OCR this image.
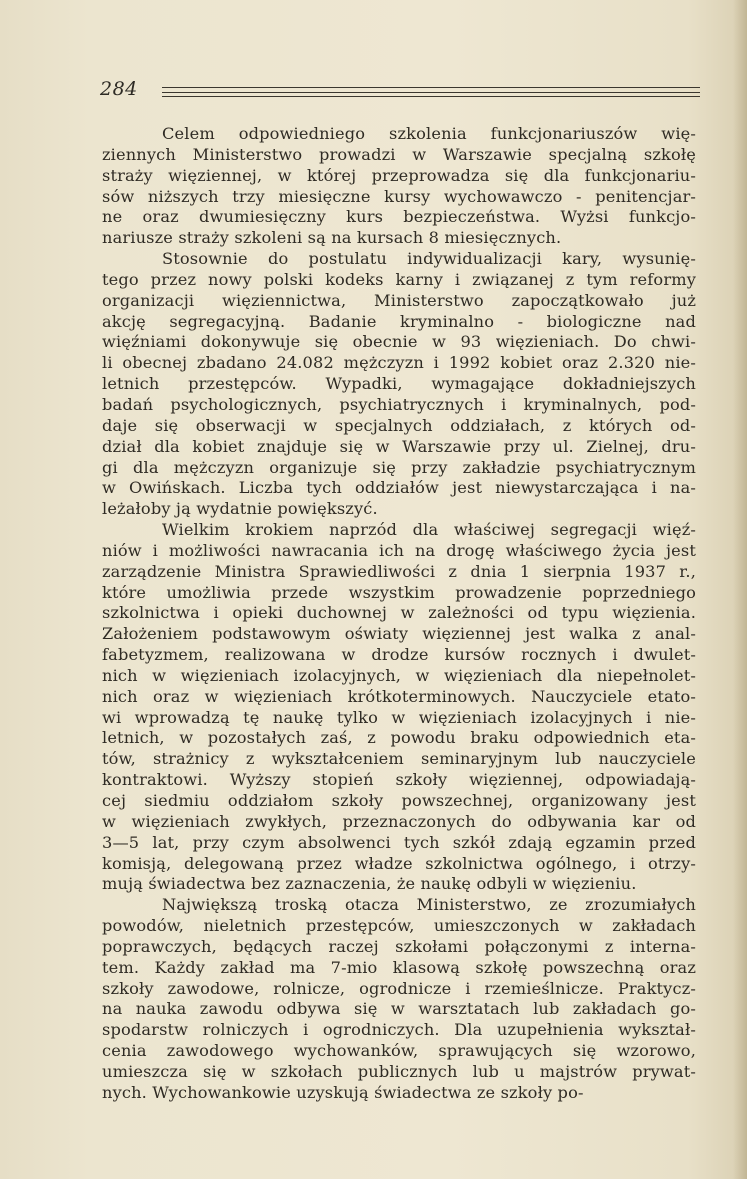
284
Celem odpowiedniego szkolenia funkcjonariuszów wię-
ziennych Ministerstwo prowadzi w Warszawie specjalną szkołę
straży więziennej, w której przeprowadza się dla funkcjonariu-
sów niższych trzy miesięczne kursy wychowawczo - penitencjar-
ne oraz dwumiesięczny kurs bezpieczeństwa. Wyżsi funkcjo-
nariusze straży szkoleni są na kursach 8 miesięcznych.
Stosownie do postulatu indywidualizacji kary, wysunię-
tego przez nowy polski kodeks karny i związanej z tym reformy
organizacji więziennictwa, Ministerstwo zapoczątkowało już
akcję segregacyjną. Badanie kryminalno - biologiczne nad
więźniami dokonywuje się obecnie w 93 więzieniach. Do chwi-
li obecnej zbadano 24.082 mężczyzn i 1992 kobiet oraz 2.320 nie-
letnich przestępców. Wypadki, wymagające dokładniejszych
badań psychologicznych, psychiatrycznych i kryminalnych, pod-
daje się obserwacji w specjalnych oddziałach, z których od-
dział dla kobiet znajduje się w Warszawie przy ul. Zielnej, dru-
gi dla mężczyzn organizuje się przy zakładzie psychiatrycznym
w Owińskach. Liczba tych oddziałów jest niewystarczająca i na-
leżałoby ją wydatnie powiększyć.
Wielkim krokiem naprzód dla właściwej segregacji więź-
niów i możliwości nawracania ich na drogę właściwego życia jest
zarządzenie Ministra Sprawiedliwości z dnia 1 sierpnia 1937 r.,
które umożliwia przede wszystkim prowadzenie poprzedniego
szkolnictwa i opieki duchownej w zależności od typu więzienia.
Założeniem podstawowym oświaty więziennej jest walka z anal-
fabetyzmem, realizowana w drodze kursów rocznych i dwulet-
nich w więzieniach izolacyjnych, w więzieniach dla niepełnolet-
nich oraz w więzieniach krótkoterminowych. Nauczyciele etato-
wi wprowadzą tę naukę tylko w więzieniach izolacyjnych i nie-
letnich, w pozostałych zaś, z powodu braku odpowiednich eta-
tów, strażnicy z wykształceniem seminaryjnym lub nauczyciele
kontraktowi. Wyższy stopień szkoły więziennej, odpowiadają-
cej siedmiu oddziałom szkoły powszechnej, organizowany jest
w więzieniach zwykłych, przeznaczonych do odbywania kar od
3—5 lat, przy czym absolwenci tych szkół zdają egzamin przed
komisją, delegowaną przez władze szkolnictwa ogólnego, i otrzy-
mują świadectwa bez zaznaczenia, że naukę odbyli w więzieniu.
Największą troską otacza Ministerstwo, ze zrozumiałych
powodów, nieletnich przestępców, umieszczonych w zakładach
poprawczych, będących raczej szkołami połączonymi z interna-
tem. Każdy zakład ma 7-mio klasową szkołę powszechną oraz
szkoły zawodowe, rolnicze, ogrodnicze i rzemieślnicze. Praktycz-
na nauka zawodu odbywa się w warsztatach lub zakładach go-
spodarstw rolniczych i ogrodniczych. Dla uzupełnienia wykształ-
cenia zawodowego wychowanków, sprawujących się wzorowo,
umieszcza się w szkołach publicznych lub u majstrów prywat-
nych. Wychowankowie uzyskują świadectwa ze szkoły po-
